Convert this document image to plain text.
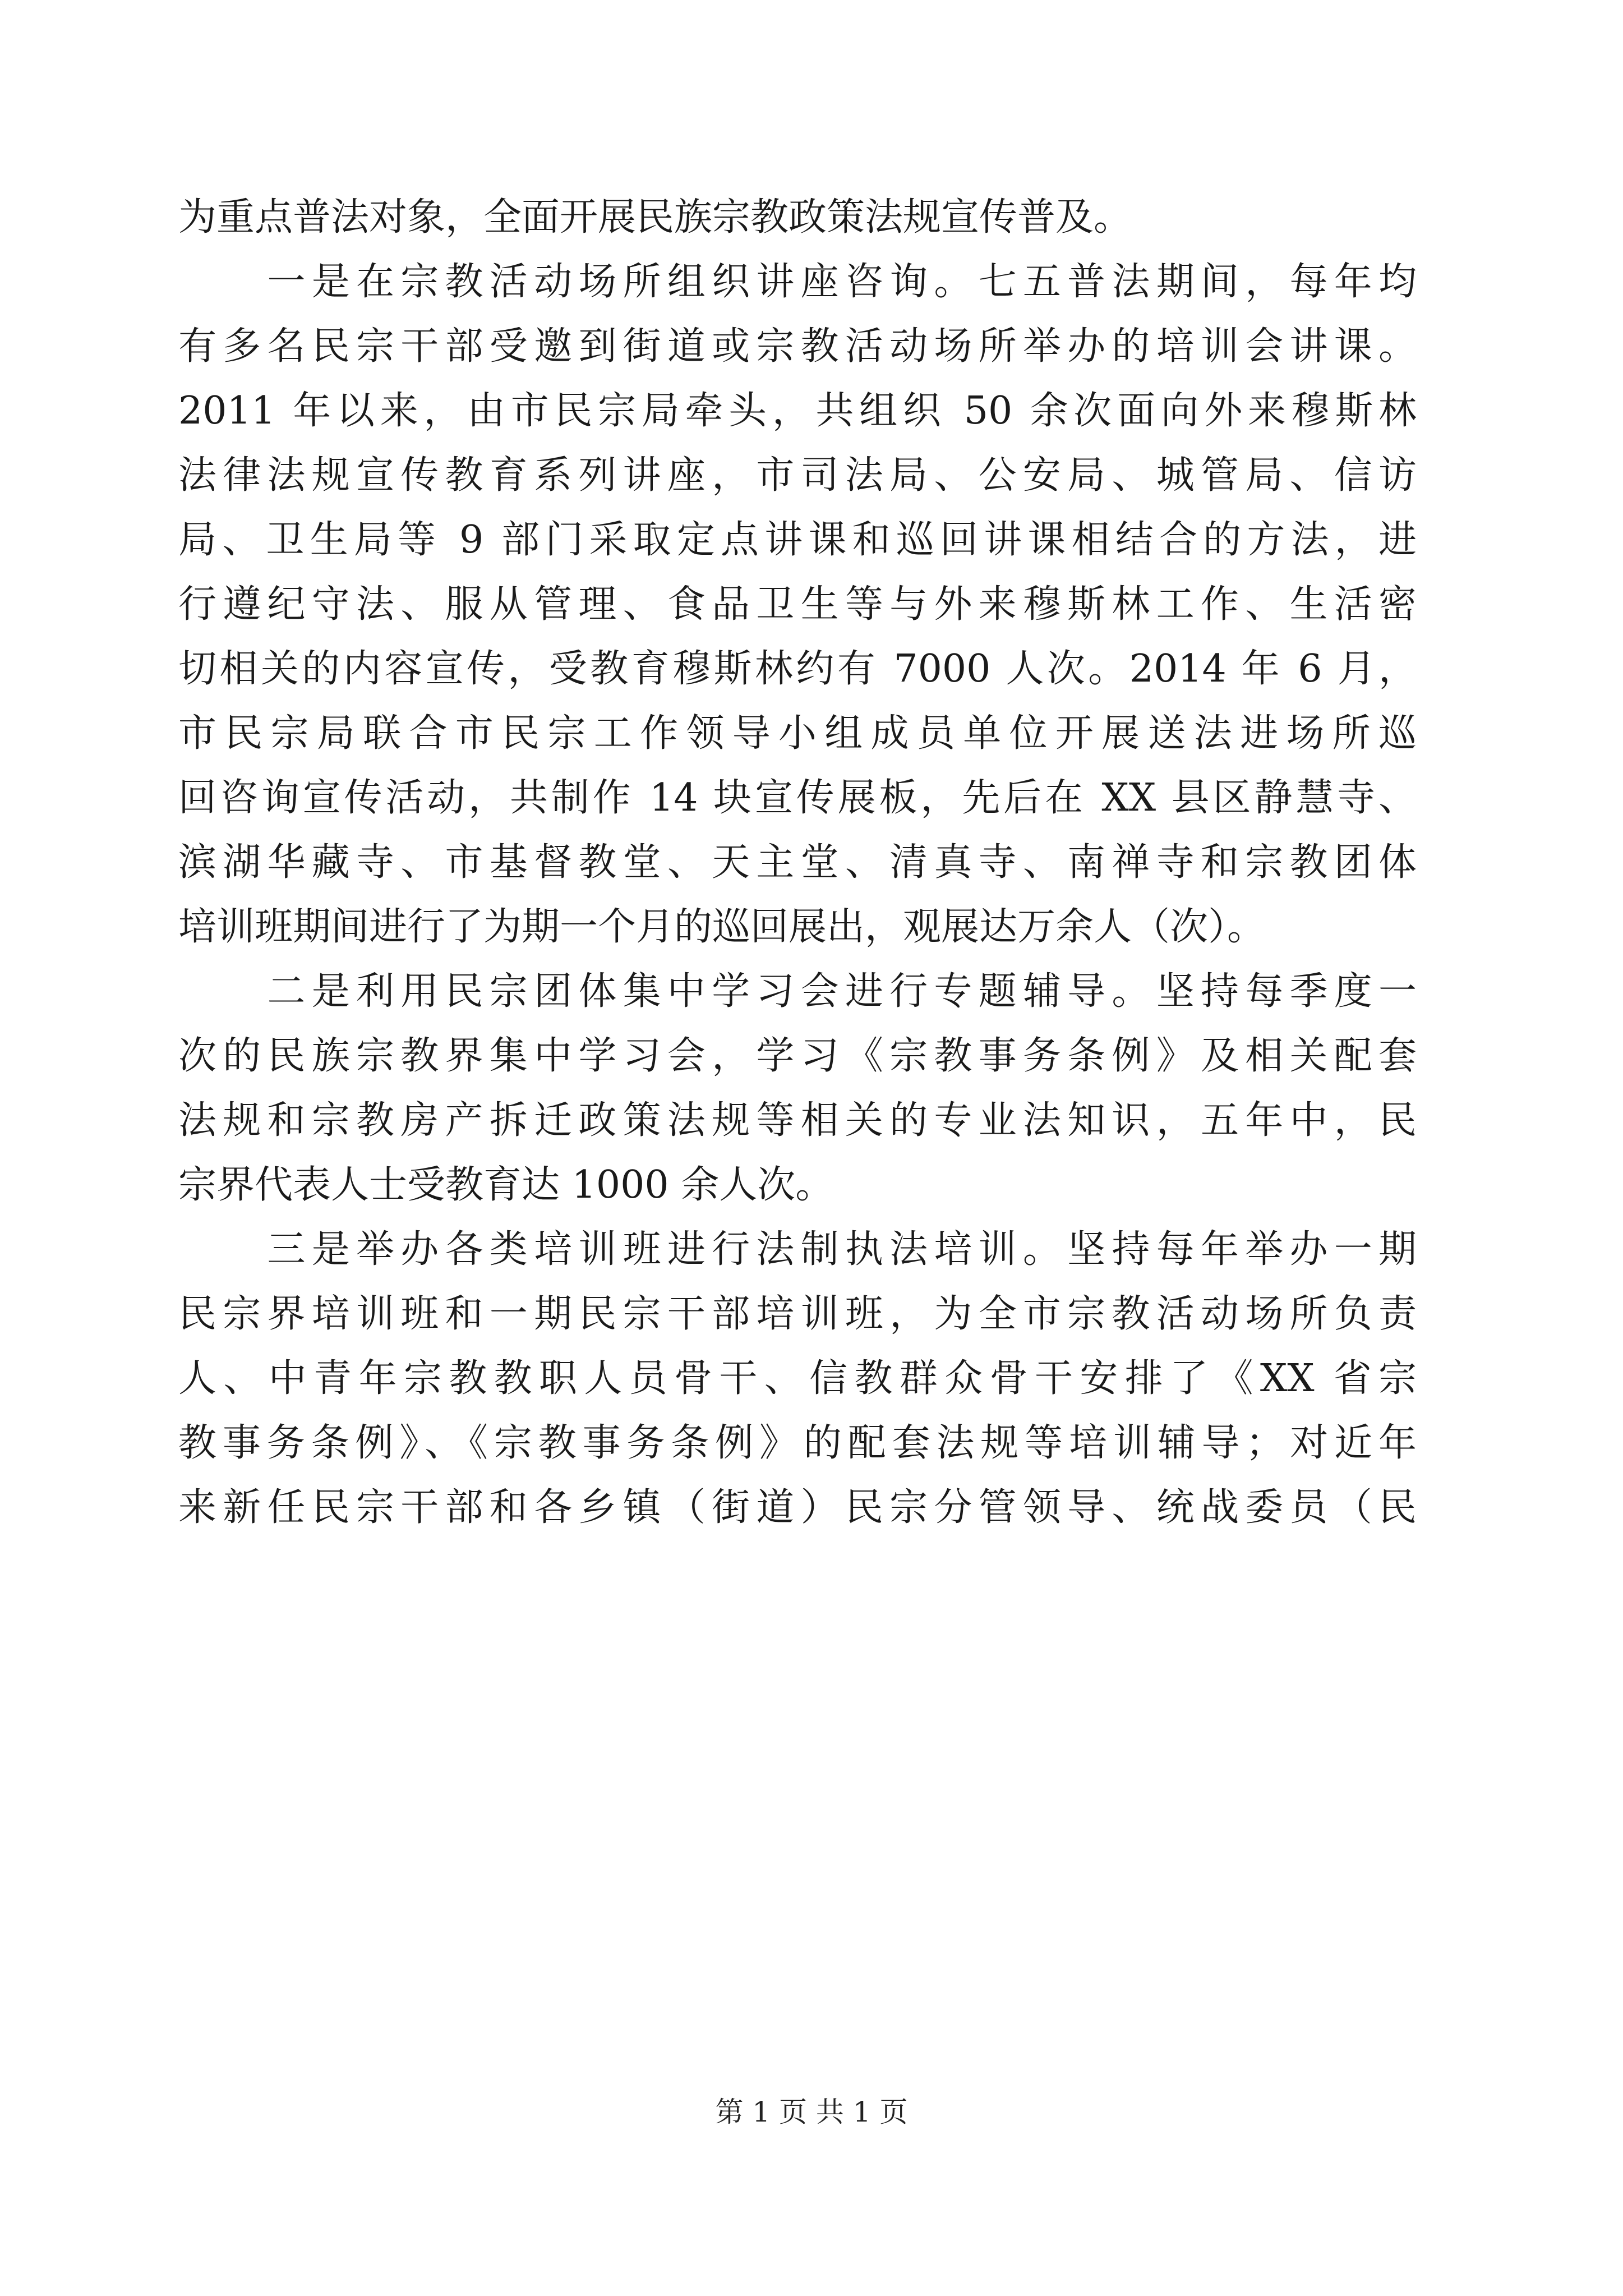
为重点普法对象，全面开展民族宗教政策法规宣传普及。
　　一是在宗教活动场所组织讲座咨询。七五普法期间，每年均
有多名民宗干部受邀到街道或宗教活动场所举办的培训会讲课。
2011 年以来，由市民宗局牵头，共组织 50 余次面向外来穆斯林
法律法规宣传教育系列讲座，市司法局、公安局、城管局、信访
局、卫生局等 9 部门采取定点讲课和巡回讲课相结合的方法，进
行遵纪守法、服从管理、食品卫生等与外来穆斯林工作、生活密
切相关的内容宣传，受教育穆斯林约有 7000 人次。2014 年 6 月，
市民宗局联合市民宗工作领导小组成员单位开展送法进场所巡
回咨询宣传活动，共制作 14 块宣传展板，先后在 XX 县区静慧寺、
滨湖华藏寺、市基督教堂、天主堂、清真寺、南禅寺和宗教团体
培训班期间进行了为期一个月的巡回展出，观展达万余人（次）。
　　二是利用民宗团体集中学习会进行专题辅导。坚持每季度一
次的民族宗教界集中学习会，学习《宗教事务条例》及相关配套
法规和宗教房产拆迁政策法规等相关的专业法知识，五年中，民
宗界代表人士受教育达 1000 余人次。
　　三是举办各类培训班进行法制执法培训。坚持每年举办一期
民宗界培训班和一期民宗干部培训班，为全市宗教活动场所负责
人、中青年宗教教职人员骨干、信教群众骨干安排了《XX 省宗
教事务条例》、《宗教事务条例》的配套法规等培训辅导；对近年
来新任民宗干部和各乡镇（街道）民宗分管领导、统战委员（民
第 1 页 共 1 页
